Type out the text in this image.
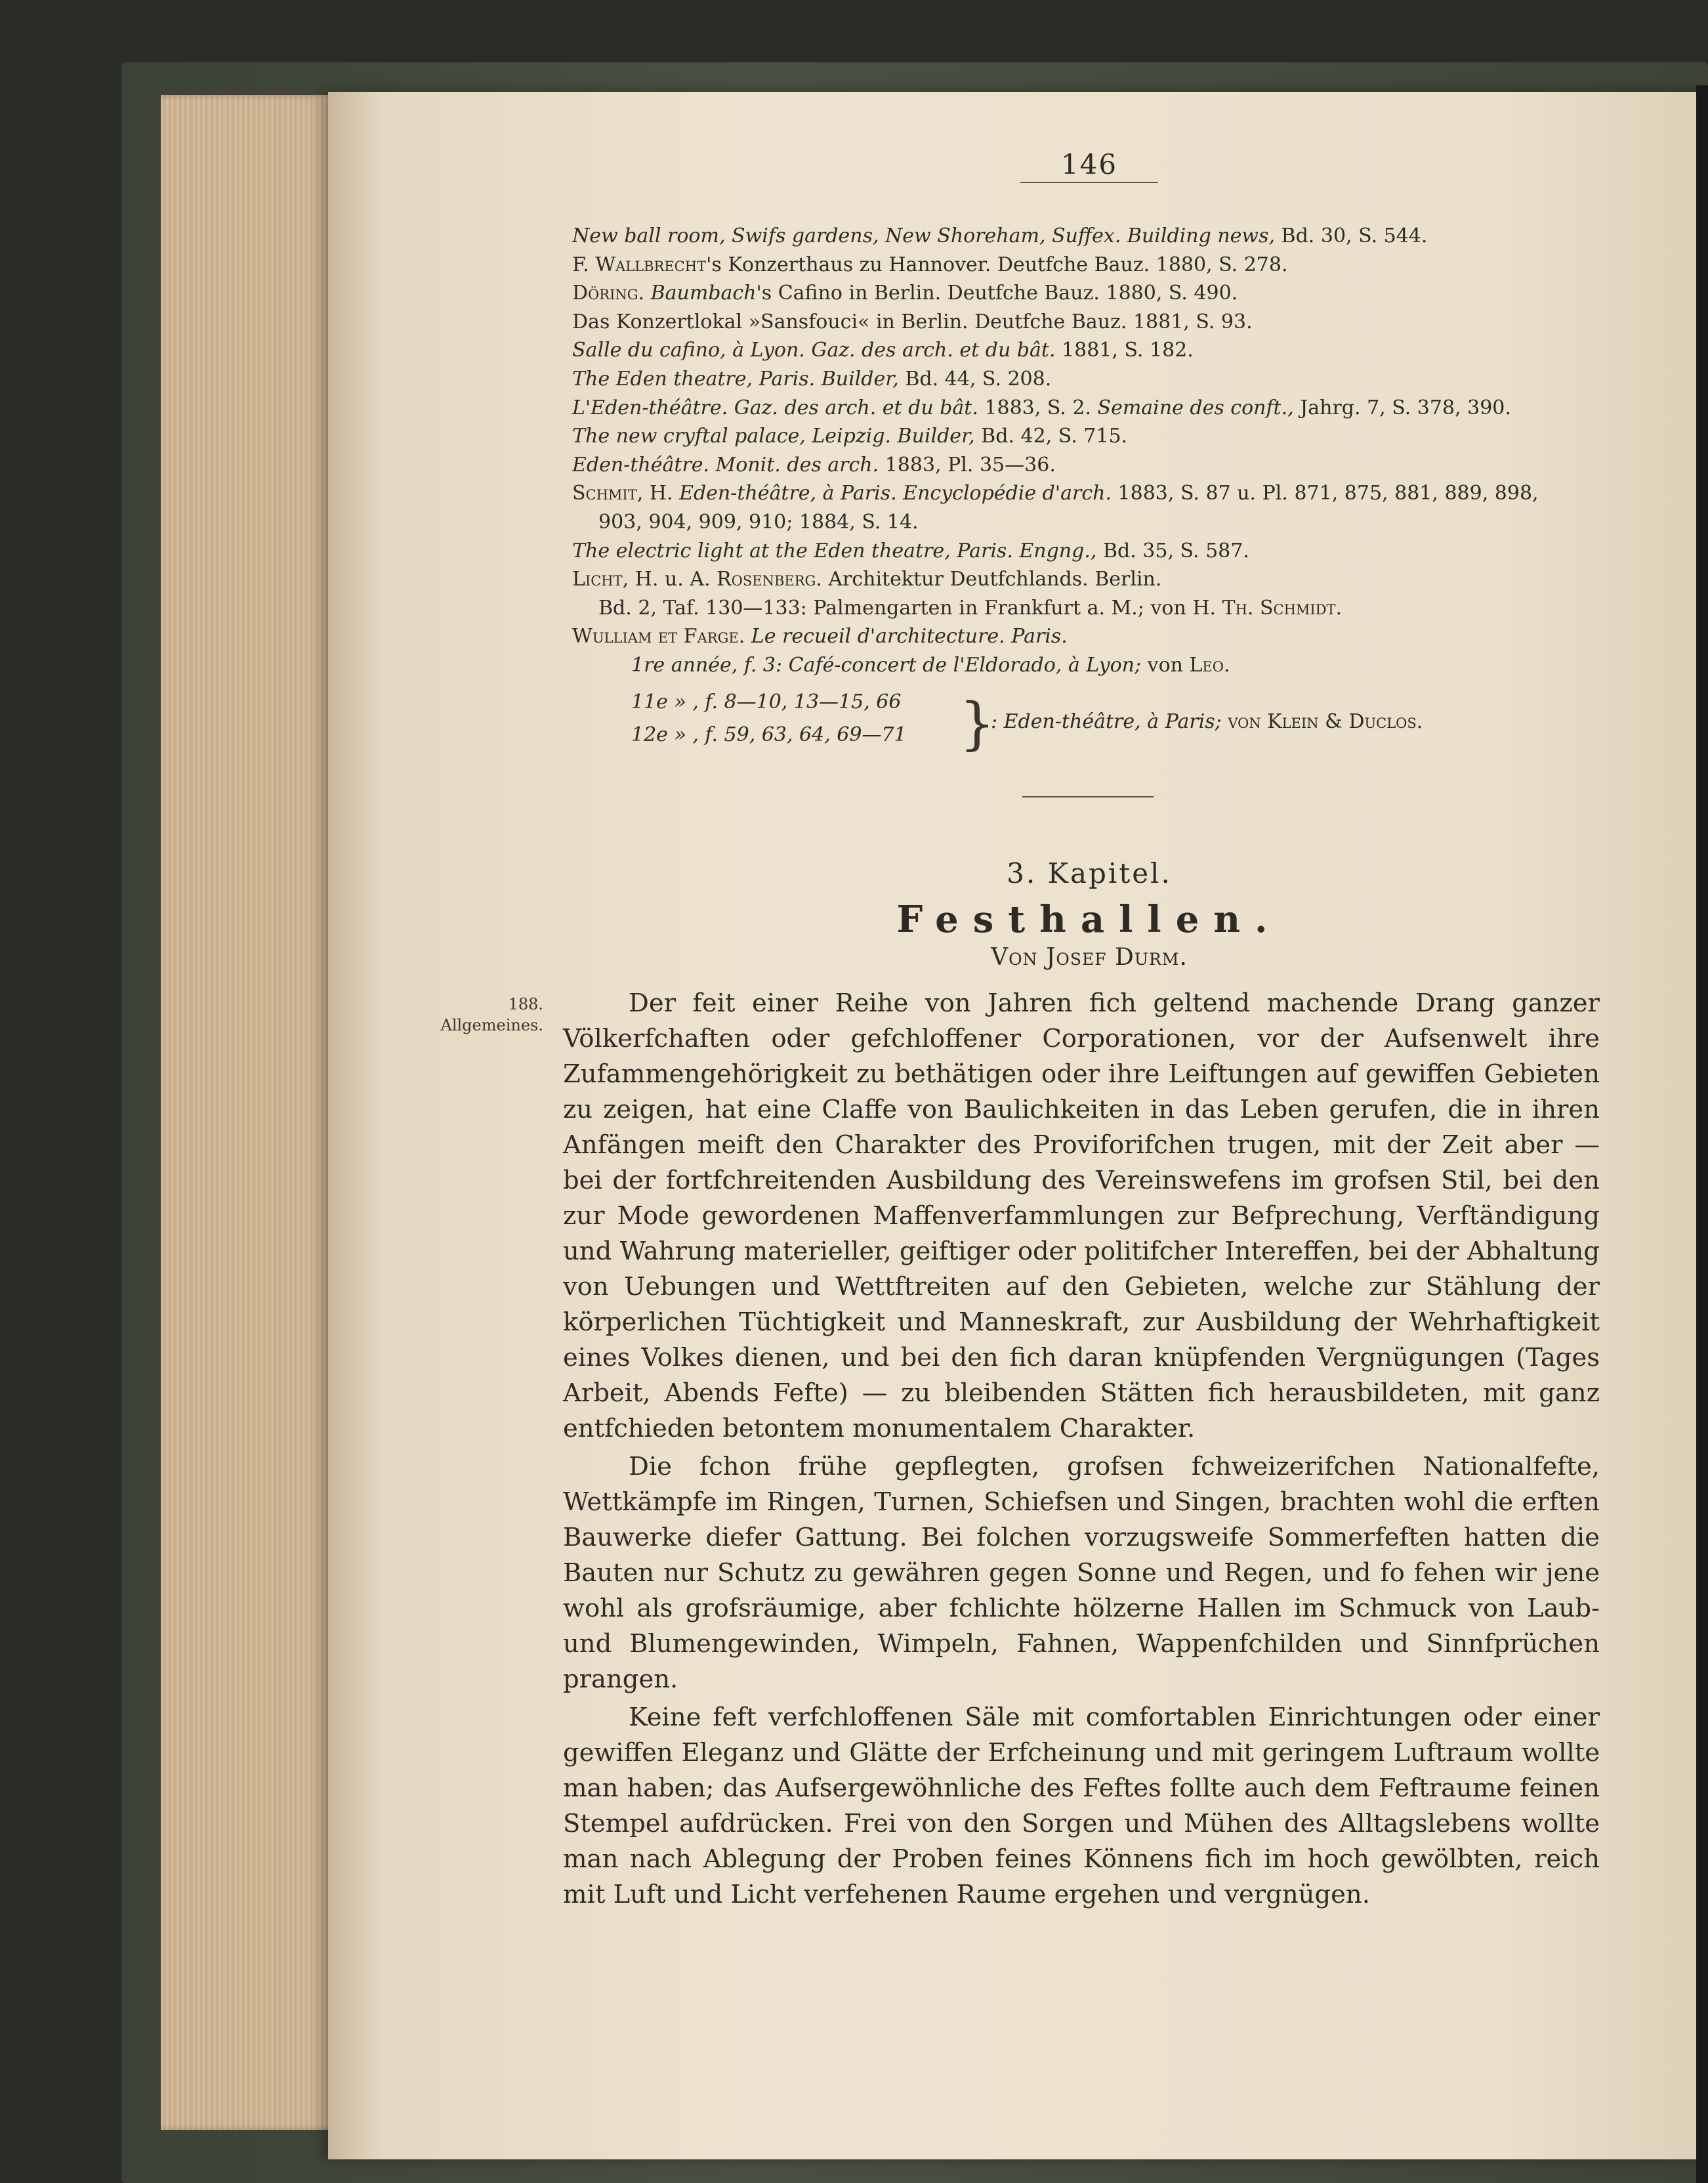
146
New ball room, Swifs gardens, New Shoreham, Suffex. Building news, Bd. 30, S. 544.
F. Wallbrecht's Konzerthaus zu Hannover. Deutfche Bauz. 1880, S. 278.
Döring. Baumbach's Cafino in Berlin. Deutfche Bauz. 1880, S. 490.
Das Konzertlokal »Sansfouci« in Berlin. Deutfche Bauz. 1881, S. 93.
Salle du cafino, à Lyon. Gaz. des arch. et du bât. 1881, S. 182.
The Eden theatre, Paris. Builder, Bd. 44, S. 208.
L'Eden-théâtre. Gaz. des arch. et du bât. 1883, S. 2. Semaine des conft., Jahrg. 7, S. 378, 390.
The new cryftal palace, Leipzig. Builder, Bd. 42, S. 715.
Eden-théâtre. Monit. des arch. 1883, Pl. 35—36.
Schmit, H. Eden-théâtre, à Paris. Encyclopédie d'arch. 1883, S. 87 u. Pl. 871, 875, 881, 889, 898,
903, 904, 909, 910; 1884, S. 14.
The electric light at the Eden theatre, Paris. Engng., Bd. 35, S. 587.
Licht, H. u. A. Rosenberg. Architektur Deutfchlands. Berlin.
Bd. 2, Taf. 130—133: Palmengarten in Frankfurt a. M.; von H. Th. Schmidt.
Wulliam et Farge. Le recueil d'architecture. Paris.
1re année, f. 3: Café-concert de l'Eldorado, à Lyon; von Leo.
11e » , f. 8—10, 13—15, 66
12e » , f. 59, 63, 64, 69—71 }
: Eden-théâtre, à Paris; von Klein & Duclos.
3. Kapitel.
Festhallen.
Von Josef Durm.
188.
Allgemeines.

Der feit einer Reihe von Jahren fich geltend machende Drang ganzer Völkerfchaften oder gefchloffener Corporationen, vor der Aufsenwelt ihre Zufammengehörigkeit zu bethätigen oder ihre Leiftungen auf gewiffen Gebieten zu zeigen, hat eine Claffe von Baulichkeiten in das Leben gerufen, die in ihren Anfängen meift den Charakter des Proviforifchen trugen, mit der Zeit aber — bei der fortfchreitenden Ausbildung des Vereinswefens im grofsen Stil, bei den zur Mode gewordenen Maffenverfammlungen zur Befprechung, Verftändigung und Wahrung materieller, geiftiger oder politifcher Intereffen, bei der Abhaltung von Uebungen und Wettftreiten auf den Gebieten, welche zur Stählung der körperlichen Tüchtigkeit und Manneskraft, zur Ausbildung der Wehrhaftigkeit eines Volkes dienen, und bei den fich daran knüpfenden Vergnügungen (Tages Arbeit, Abends Fefte) — zu bleibenden Stätten fich herausbildeten, mit ganz entfchieden betontem monumentalem Charakter.

Die fchon frühe gepflegten, grofsen fchweizerifchen Nationalfefte, Wettkämpfe im Ringen, Turnen, Schiefsen und Singen, brachten wohl die erften Bauwerke diefer Gattung. Bei folchen vorzugsweife Sommerfeften hatten die Bauten nur Schutz zu gewähren gegen Sonne und Regen, und fo fehen wir jene wohl als grofsräumige, aber fchlichte hölzerne Hallen im Schmuck von Laub- und Blumengewinden, Wimpeln, Fahnen, Wappenfchilden und Sinnfprüchen prangen.

Keine feft verfchloffenen Säle mit comfortablen Einrichtungen oder einer gewiffen Eleganz und Glätte der Erfcheinung und mit geringem Luftraum wollte man haben; das Aufsergewöhnliche des Feftes follte auch dem Feftraume feinen Stempel aufdrücken. Frei von den Sorgen und Mühen des Alltagslebens wollte man nach Ablegung der Proben feines Könnens fich im hoch gewölbten, reich mit Luft und Licht verfehenen Raume ergehen und vergnügen.
